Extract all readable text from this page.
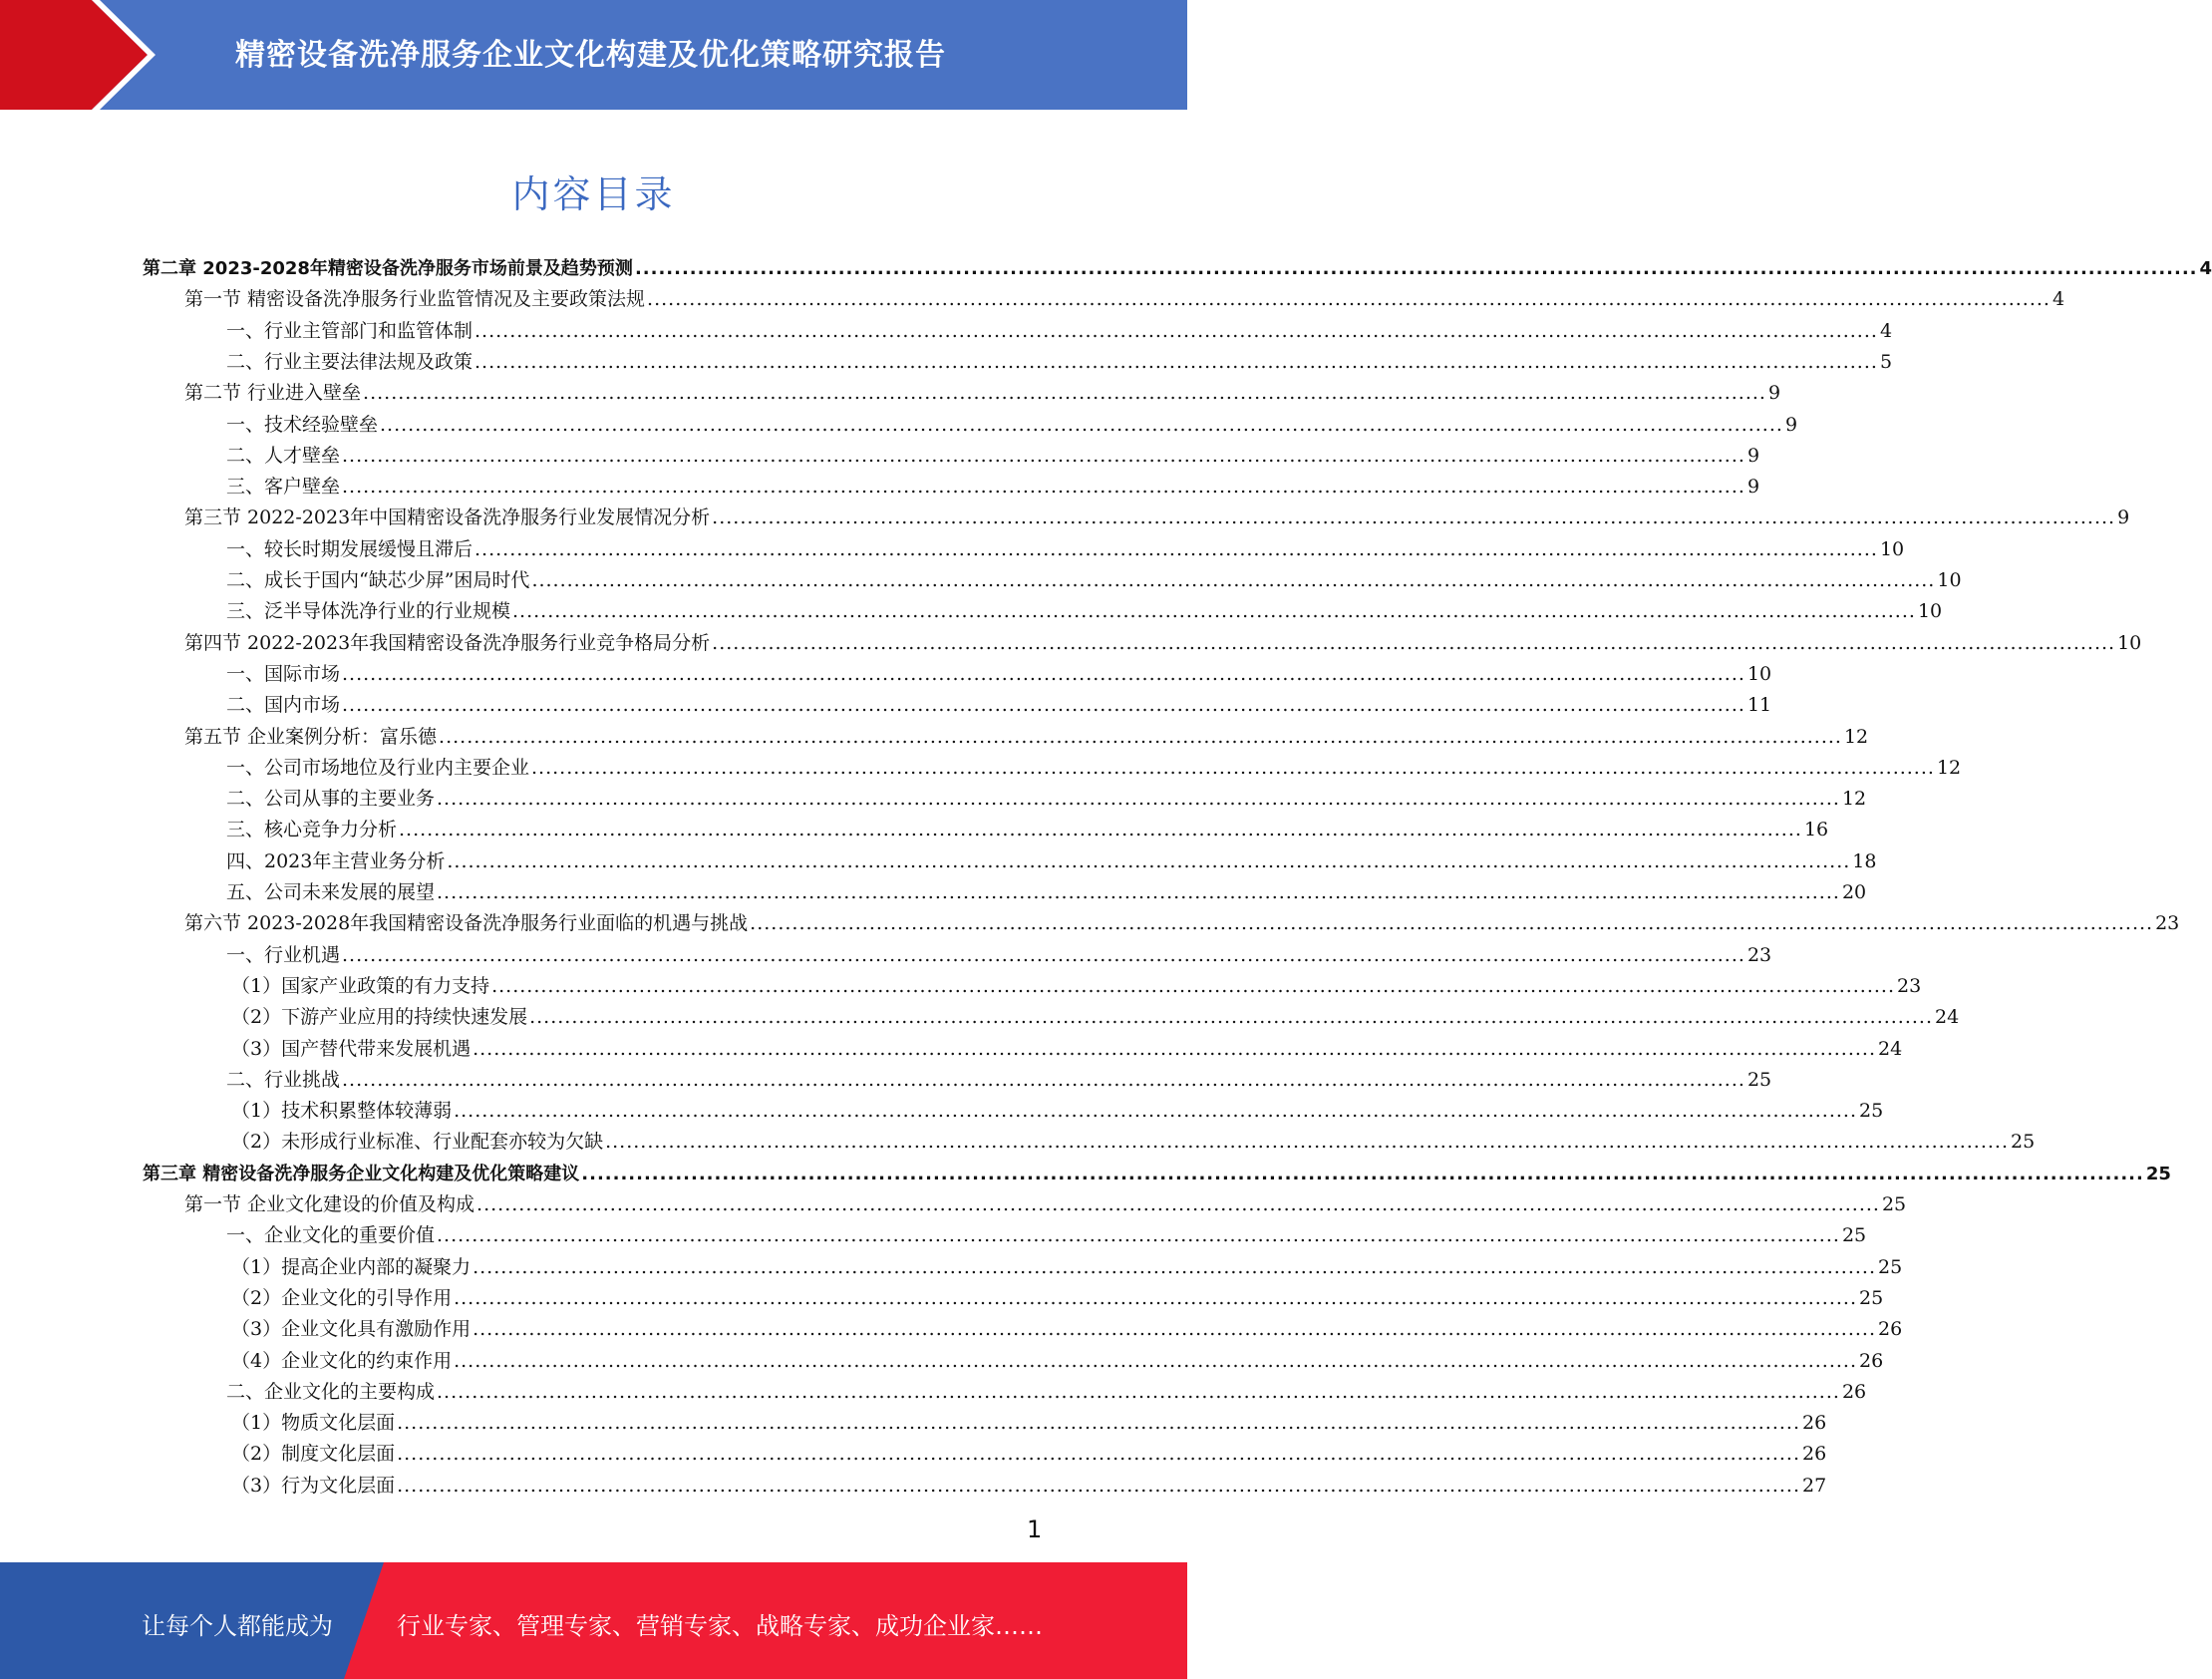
精密设备洗净服务企业文化构建及优化策略研究报告
内容目录
第二章 2023-2028年精密设备洗净服务市场前景及趋势预测 ........................................................................................................................................................................................................ 4
第一节 精密设备洗净服务行业监管情况及主要政策法规 ........................................................................................................................................................................................................ 4
一、行业主管部门和监管体制 ........................................................................................................................................................................................................ 4
二、行业主要法律法规及政策 ........................................................................................................................................................................................................ 5
第二节 行业进入壁垒 ........................................................................................................................................................................................................ 9
一、技术经验壁垒 ........................................................................................................................................................................................................ 9
二、人才壁垒 ........................................................................................................................................................................................................ 9
三、客户壁垒 ........................................................................................................................................................................................................ 9
第三节 2022-2023年中国精密设备洗净服务行业发展情况分析 ........................................................................................................................................................................................................ 9
一、较长时期发展缓慢且滞后 ........................................................................................................................................................................................................ 10
二、成长于国内“缺芯少屏”困局时代 ........................................................................................................................................................................................................ 10
三、泛半导体洗净行业的行业规模 ........................................................................................................................................................................................................ 10
第四节 2022-2023年我国精密设备洗净服务行业竞争格局分析 ........................................................................................................................................................................................................ 10
一、国际市场 ........................................................................................................................................................................................................ 10
二、国内市场 ........................................................................................................................................................................................................ 11
第五节 企业案例分析：富乐德 ........................................................................................................................................................................................................ 12
一、公司市场地位及行业内主要企业 ........................................................................................................................................................................................................ 12
二、公司从事的主要业务 ........................................................................................................................................................................................................ 12
三、核心竞争力分析 ........................................................................................................................................................................................................ 16
四、2023年主营业务分析 ........................................................................................................................................................................................................ 18
五、公司未来发展的展望 ........................................................................................................................................................................................................ 20
第六节 2023-2028年我国精密设备洗净服务行业面临的机遇与挑战 ........................................................................................................................................................................................................ 23
一、行业机遇 ........................................................................................................................................................................................................ 23
（1）国家产业政策的有力支持 ........................................................................................................................................................................................................ 23
（2）下游产业应用的持续快速发展 ........................................................................................................................................................................................................ 24
（3）国产替代带来发展机遇 ........................................................................................................................................................................................................ 24
二、行业挑战 ........................................................................................................................................................................................................ 25
（1）技术积累整体较薄弱 ........................................................................................................................................................................................................ 25
（2）未形成行业标准、行业配套亦较为欠缺 ........................................................................................................................................................................................................ 25
第三章 精密设备洗净服务企业文化构建及优化策略建议 ........................................................................................................................................................................................................ 25
第一节 企业文化建设的价值及构成 ........................................................................................................................................................................................................ 25
一、企业文化的重要价值 ........................................................................................................................................................................................................ 25
（1）提高企业内部的凝聚力 ........................................................................................................................................................................................................ 25
（2）企业文化的引导作用 ........................................................................................................................................................................................................ 25
（3）企业文化具有激励作用 ........................................................................................................................................................................................................ 26
（4）企业文化的约束作用 ........................................................................................................................................................................................................ 26
二、企业文化的主要构成 ........................................................................................................................................................................................................ 26
（1）物质文化层面 ........................................................................................................................................................................................................ 26
（2）制度文化层面 ........................................................................................................................................................................................................ 26
（3）行为文化层面 ........................................................................................................................................................................................................ 27
1
让每个人都能成为	行业专家、管理专家、营销专家、战略专家、成功企业家……
